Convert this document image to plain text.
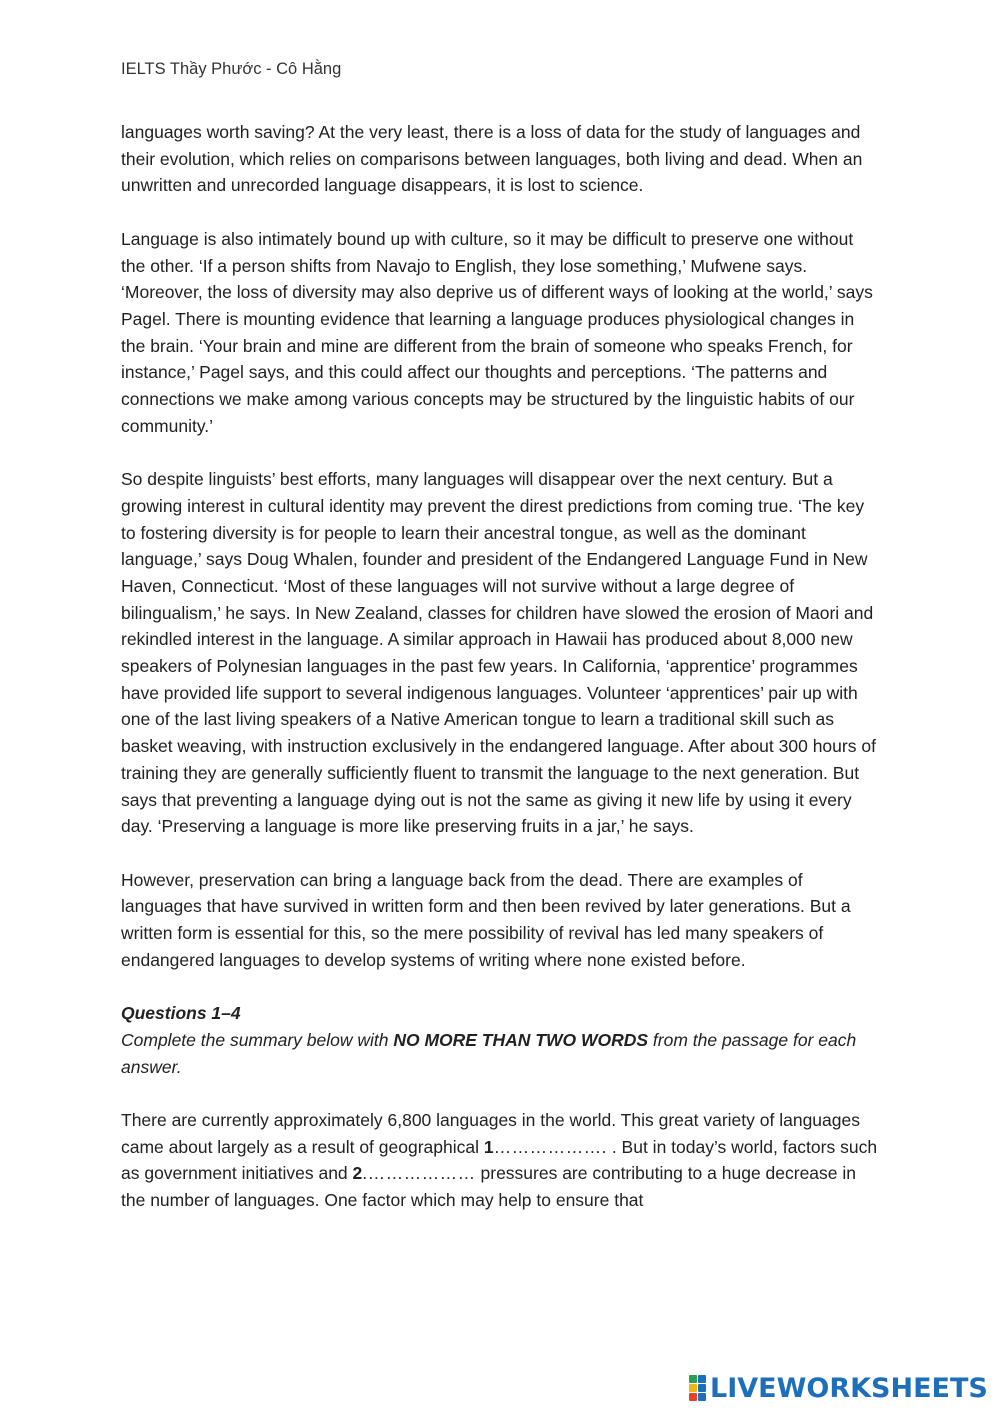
IELTS Thầy Phước - Cô Hằng

languages worth saving? At the very least, there is a loss of data for the study of languages and their evolution, which relies on comparisons between languages, both living and dead. When an unwritten and unrecorded language disappears, it is lost to science.

Language is also intimately bound up with culture, so it may be difficult to preserve one without the other. ‘If a person shifts from Navajo to English, they lose something,’ Mufwene says. ‘Moreover, the loss of diversity may also deprive us of different ways of looking at the world,’ says Pagel. There is mounting evidence that learning a language produces physiological changes in the brain. ‘Your brain and mine are different from the brain of someone who speaks French, for instance,’ Pagel says, and this could affect our thoughts and perceptions. ‘The patterns and connections we make among various concepts may be structured by the linguistic habits of our community.’

So despite linguists’ best efforts, many languages will disappear over the next century. But a growing interest in cultural identity may prevent the direst predictions from coming true. ‘The key to fostering diversity is for people to learn their ancestral tongue, as well as the dominant language,’ says Doug Whalen, founder and president of the Endangered Language Fund in New Haven, Connecticut. ‘Most of these languages will not survive without a large degree of bilingualism,’ he says. In New Zealand, classes for children have slowed the erosion of Maori and rekindled interest in the language. A similar approach in Hawaii has produced about 8,000 new speakers of Polynesian languages in the past few years. In California, ‘apprentice’ programmes have provided life support to several indigenous languages. Volunteer ‘apprentices’ pair up with one of the last living speakers of a Native American tongue to learn a traditional skill such as basket weaving, with instruction exclusively in the endangered language. After about 300 hours of training they are generally sufficiently fluent to transmit the language to the next generation. But says that preventing a language dying out is not the same as giving it new life by using it every day. ‘Preserving a language is more like preserving fruits in a jar,’ he says.

However, preservation can bring a language back from the dead. There are examples of languages that have survived in written form and then been revived by later generations. But a written form is essential for this, so the mere possibility of revival has led many speakers of endangered languages to develop systems of writing where none existed before.

Questions 1–4

Complete the summary below with NO MORE THAN TWO WORDS from the passage for each answer.

There are currently approximately 6,800 languages in the world. This great variety of languages came about largely as a result of geographical 1………………. . But in today’s world, factors such as government initiatives and 2.……………… pressures are contributing to a huge decrease in the number of languages. One factor which may help to ensure that

LIVEWORKSHEETS
